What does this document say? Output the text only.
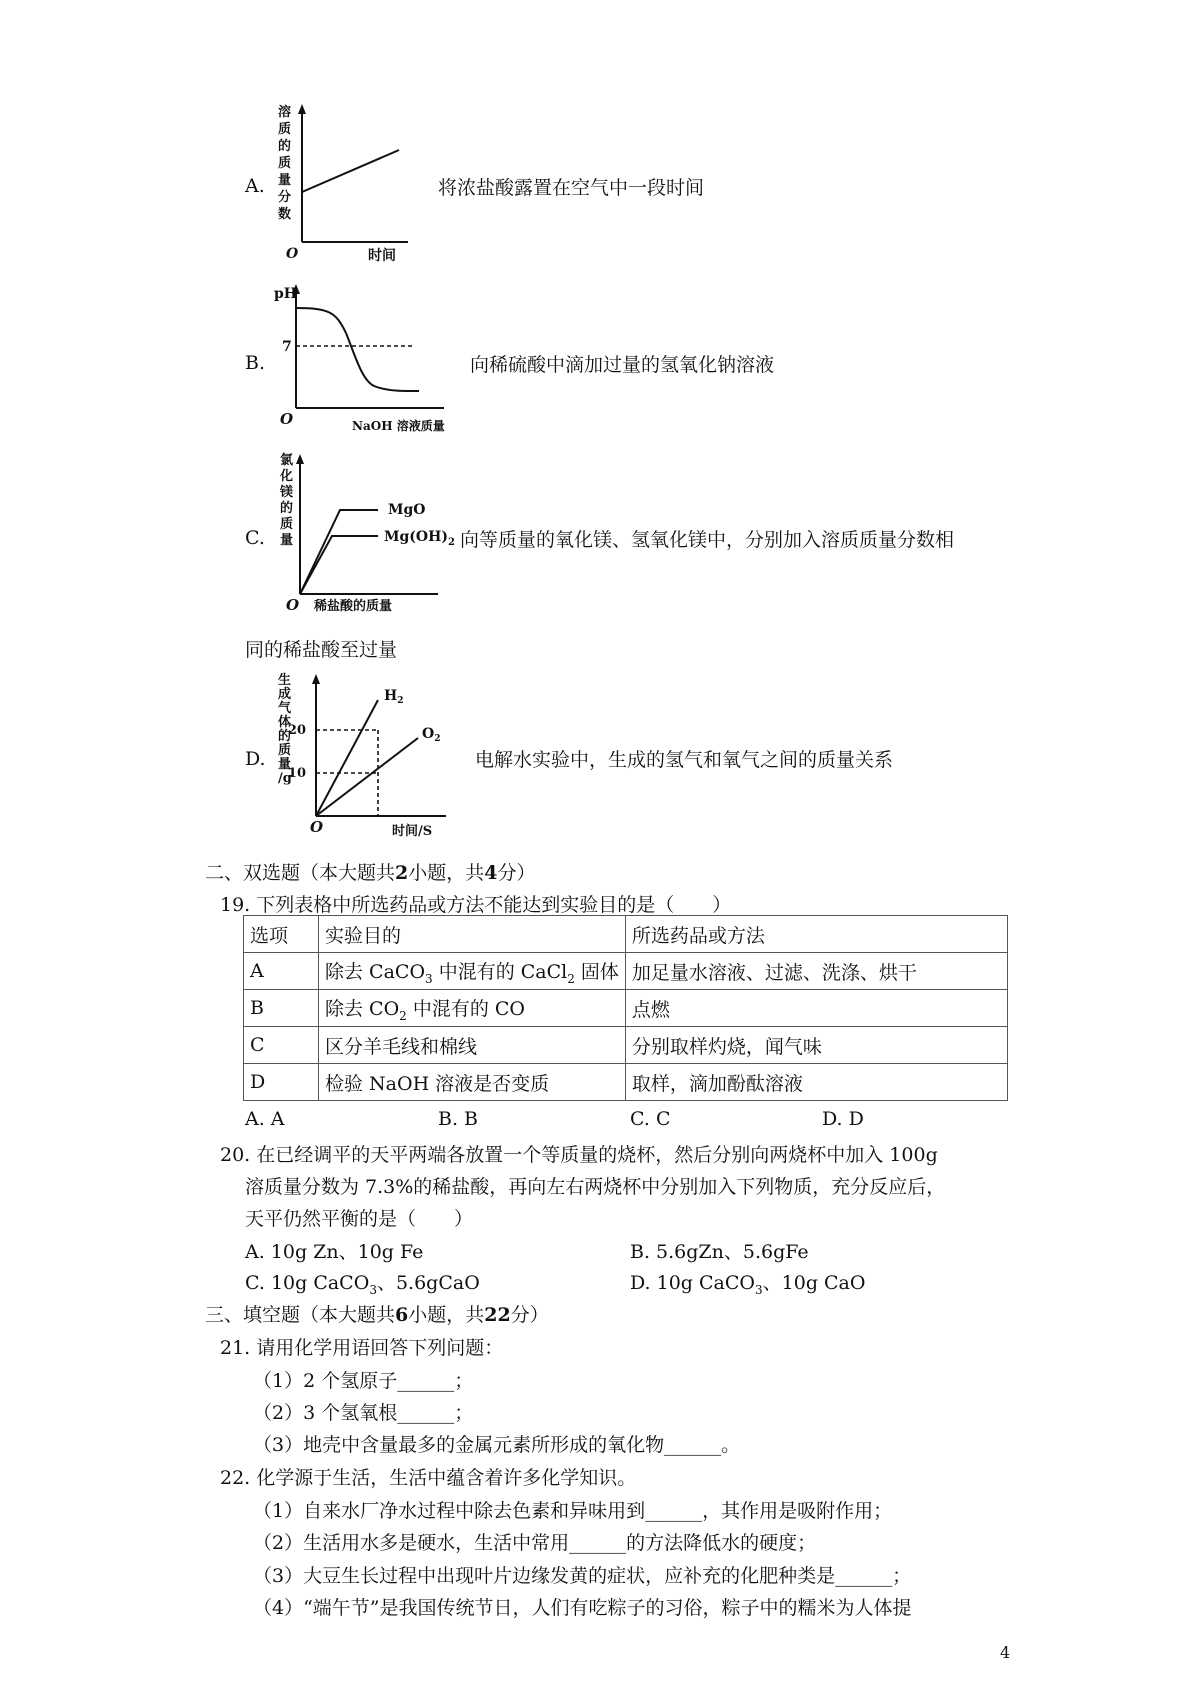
A.
溶质的质量分数
O	时间
将浓盐酸露置在空气中一段时间
B.
pH
7
O	NaOH 溶液质量
向稀硫酸中滴加过量的氢氧化钠溶液
C.
氯化镁的质量
MgO
$Mg(OH)_2$
O 稀盐酸的质量
向等质量的氧化镁、氢氧化镁中，分别加入溶质质量分数相
同的稀盐酸至过量
D.
生成气体的质量/g
20
10
$H_2$
$O_2$
O	时间/S
电解水实验中，生成的氢气和氧气之间的质量关系
二、双选题（本大题共2小题，共4分）
19. 下列表格中所选药品或方法不能达到实验目的是（　　）
选项	实验目的	所选药品或方法
A	除去 CaCO$_3$ 中混有的 CaCl$_2$ 固体	加足量水溶液、过滤、洗涤、烘干
B	除去 $CO_2$ 中混有的 CO	点燃
C	区分羊毛线和棉线	分别取样灼烧，闻气味
D	检验 NaOH 溶液是否变质	取样，滴加酚酞溶液
A. A	B. B	C. C	D. D
20. 在已经调平的天平两端各放置一个等质量的烧杯，然后分别向两烧杯中加入 100g
溶质量分数为 7.3%的稀盐酸，再向左右两烧杯中分别加入下列物质，充分反应后，
天平仍然平衡的是（　　）
A. 10g Zn、10g Fe	B. 5.6gZn、5.6gFe
C. 10g CaCO$_3$、5.6gCaO	D. 10g CaCO$_3$、10g CaO
三、填空题（本大题共6小题，共22分）
21. 请用化学用语回答下列问题：
（1）2 个氢原子______；
（2）3 个氢氧根______；
（3）地壳中含量最多的金属元素所形成的氧化物______。
22. 化学源于生活，生活中蕴含着许多化学知识。
（1）自来水厂净水过程中除去色素和异味用到______，其作用是吸附作用；
（2）生活用水多是硬水，生活中常用______的方法降低水的硬度；
（3）大豆生长过程中出现叶片边缘发黄的症状，应补充的化肥种类是______；
（4）“端午节”是我国传统节日，人们有吃粽子的习俗，粽子中的糯米为人体提
4
